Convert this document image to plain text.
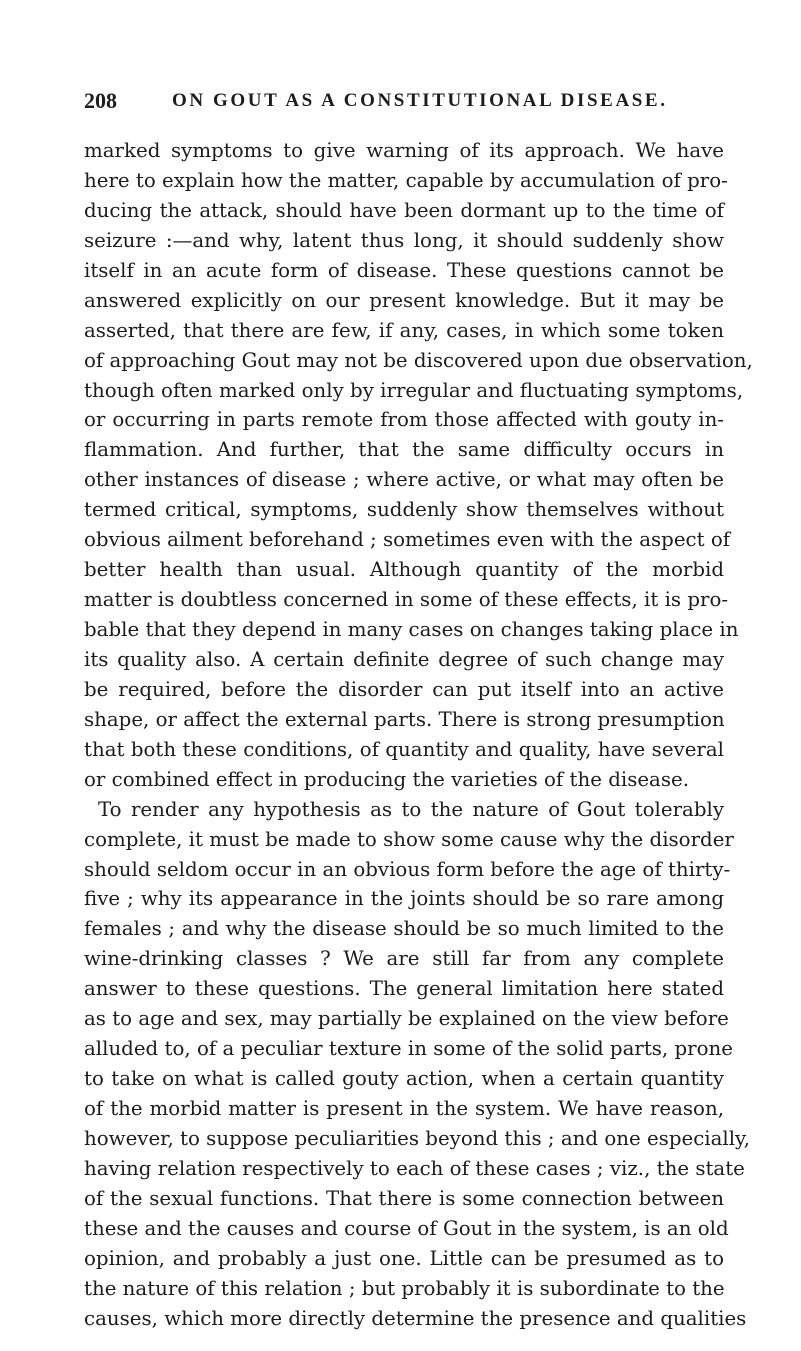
208	ON GOUT AS A CONSTITUTIONAL DISEASE.
marked symptoms to give warning of its approach. We have
here to explain how the matter, capable by accumulation of pro-
ducing the attack, should have been dormant up to the time of
seizure :—and why, latent thus long, it should suddenly show
itself in an acute form of disease. These questions cannot be
answered explicitly on our present knowledge. But it may be
asserted, that there are few, if any, cases, in which some token
of approaching Gout may not be discovered upon due observation,
though often marked only by irregular and fluctuating symptoms,
or occurring in parts remote from those affected with gouty in-
flammation. And further, that the same difficulty occurs in
other instances of disease ; where active, or what may often be
termed critical, symptoms, suddenly show themselves without
obvious ailment beforehand ; sometimes even with the aspect of
better health than usual. Although quantity of the morbid
matter is doubtless concerned in some of these effects, it is pro-
bable that they depend in many cases on changes taking place in
its quality also. A certain definite degree of such change may
be required, before the disorder can put itself into an active
shape, or affect the external parts. There is strong presumption
that both these conditions, of quantity and quality, have several
or combined effect in producing the varieties of the disease.
To render any hypothesis as to the nature of Gout tolerably
complete, it must be made to show some cause why the disorder
should seldom occur in an obvious form before the age of thirty-
five ; why its appearance in the joints should be so rare among
females ; and why the disease should be so much limited to the
wine-drinking classes ? We are still far from any complete
answer to these questions. The general limitation here stated
as to age and sex, may partially be explained on the view before
alluded to, of a peculiar texture in some of the solid parts, prone
to take on what is called gouty action, when a certain quantity
of the morbid matter is present in the system. We have reason,
however, to suppose peculiarities beyond this ; and one especially,
having relation respectively to each of these cases ; viz., the state
of the sexual functions. That there is some connection between
these and the causes and course of Gout in the system, is an old
opinion, and probably a just one. Little can be presumed as to
the nature of this relation ; but probably it is subordinate to the
causes, which more directly determine the presence and qualities
